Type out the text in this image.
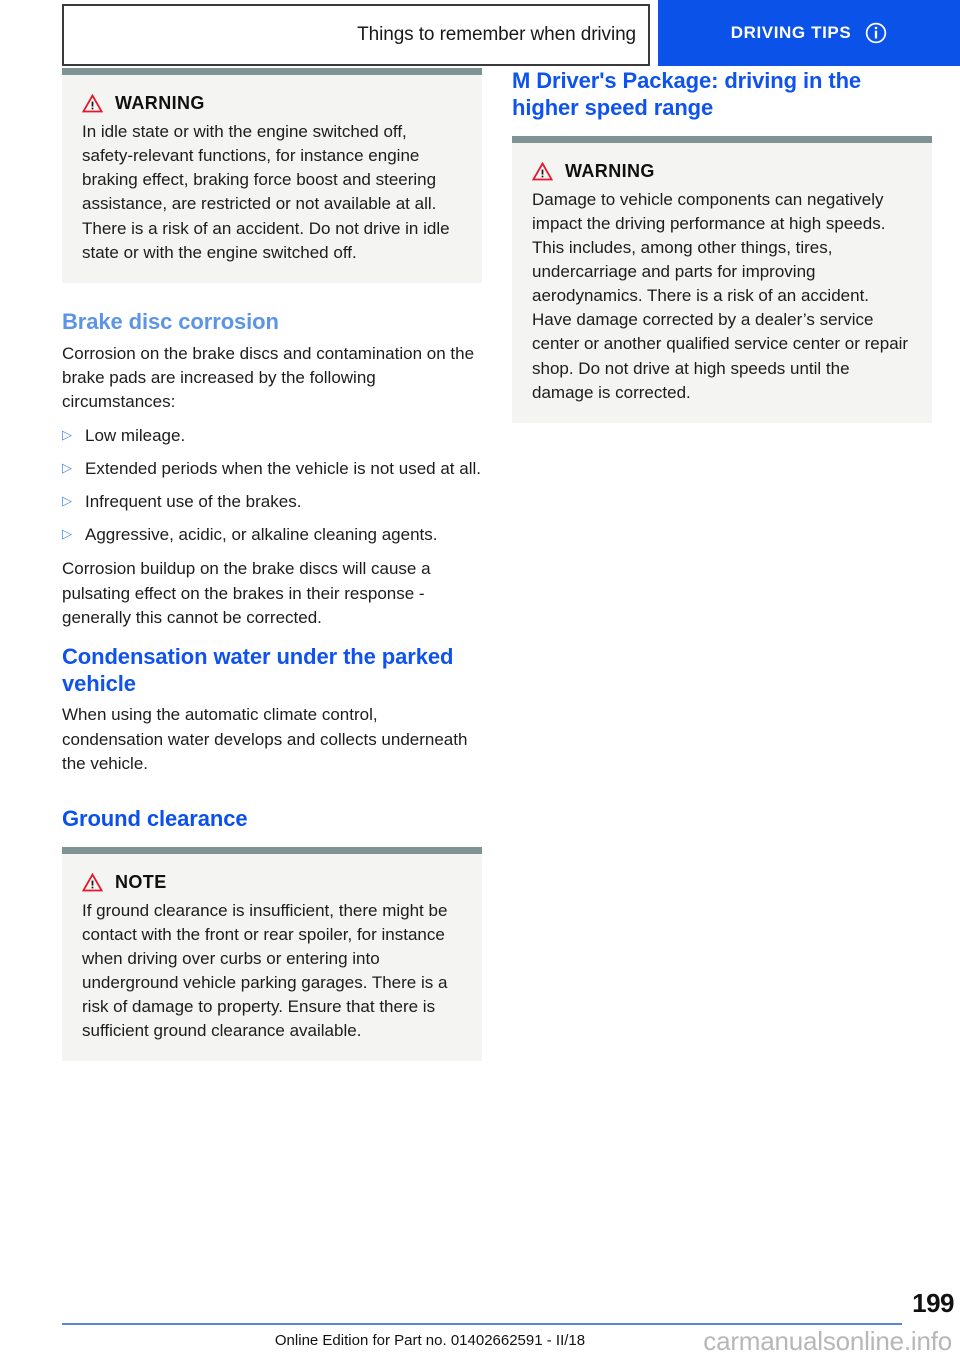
Things to remember when driving	DRIVING TIPS
WARNING
In idle state or with the engine switched off, safety-relevant functions, for instance engine braking effect, braking force boost and steering assistance, are restricted or not available at all. There is a risk of an accident. Do not drive in idle state or with the engine switched off.
Brake disc corrosion

Corrosion on the brake discs and contamination on the brake pads are increased by the following circumstances:

▷ Low mileage.
▷ Extended periods when the vehicle is not used at all.
▷ Infrequent use of the brakes.
▷ Aggressive, acidic, or alkaline cleaning agents.

Corrosion buildup on the brake discs will cause a pulsating effect on the brakes in their response - generally this cannot be corrected.

Condensation water under the parked vehicle

When using the automatic climate control, condensation water develops and collects underneath the vehicle.

Ground clearance
NOTE
If ground clearance is insufficient, there might be contact with the front or rear spoiler, for instance when driving over curbs or entering into underground vehicle parking garages. There is a risk of damage to property. Ensure that there is sufficient ground clearance available.
M Driver's Package: driving in the higher speed range
WARNING
Damage to vehicle components can negatively impact the driving performance at high speeds. This includes, among other things, tires, undercarriage and parts for improving aerodynamics. There is a risk of an accident. Have damage corrected by a dealer’s service center or another qualified service center or repair shop. Do not drive at high speeds until the damage is corrected.
199
Online Edition for Part no. 01402662591 - II/18	carmanualsonline.info
